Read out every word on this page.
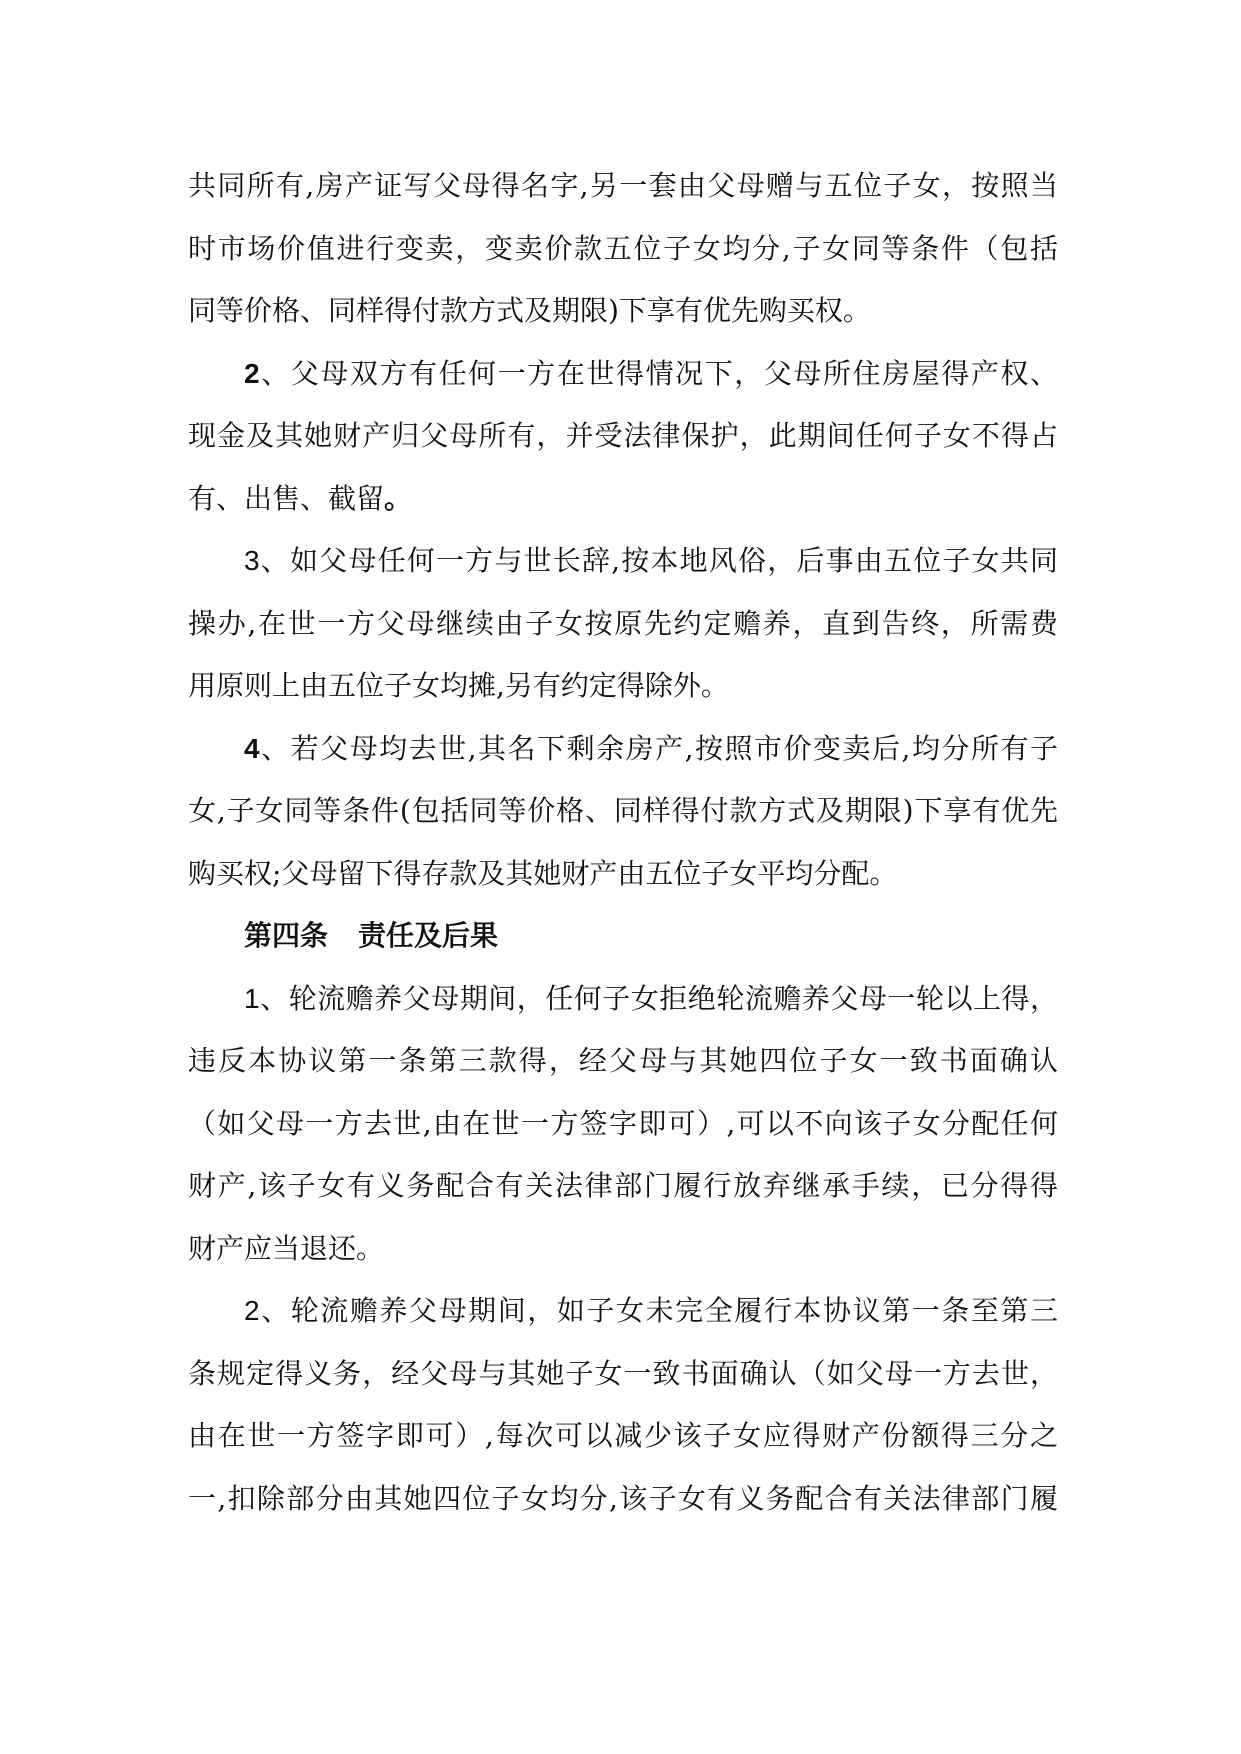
共同所有,房产证写父母得名字,另一套由父母赠与五位子女，按照当
时市场价值进行变卖，变卖价款五位子女均分,子女同等条件（包括
同等价格、同样得付款方式及期限)下享有优先购买权。
2、父母双方有任何一方在世得情况下，父母所住房屋得产权、
现金及其她财产归父母所有，并受法律保护，此期间任何子女不得占
有、出售、截留。
3、如父母任何一方与世长辞,按本地风俗，后事由五位子女共同
操办,在世一方父母继续由子女按原先约定赡养，直到告终，所需费
用原则上由五位子女均摊,另有约定得除外。
4、若父母均去世,其名下剩余房产,按照市价变卖后,均分所有子
女,子女同等条件(包括同等价格、同样得付款方式及期限)下享有优先
购买权;父母留下得存款及其她财产由五位子女平均分配。
第四条 责任及后果
1、轮流赡养父母期间，任何子女拒绝轮流赡养父母一轮以上得，
违反本协议第一条第三款得，经父母与其她四位子女一致书面确认
（如父母一方去世,由在世一方签字即可）,可以不向该子女分配任何
财产,该子女有义务配合有关法律部门履行放弃继承手续，已分得得
财产应当退还。
2、轮流赡养父母期间，如子女未完全履行本协议第一条至第三
条规定得义务，经父母与其她子女一致书面确认（如父母一方去世，
由在世一方签字即可）,每次可以减少该子女应得财产份额得三分之
一,扣除部分由其她四位子女均分,该子女有义务配合有关法律部门履
